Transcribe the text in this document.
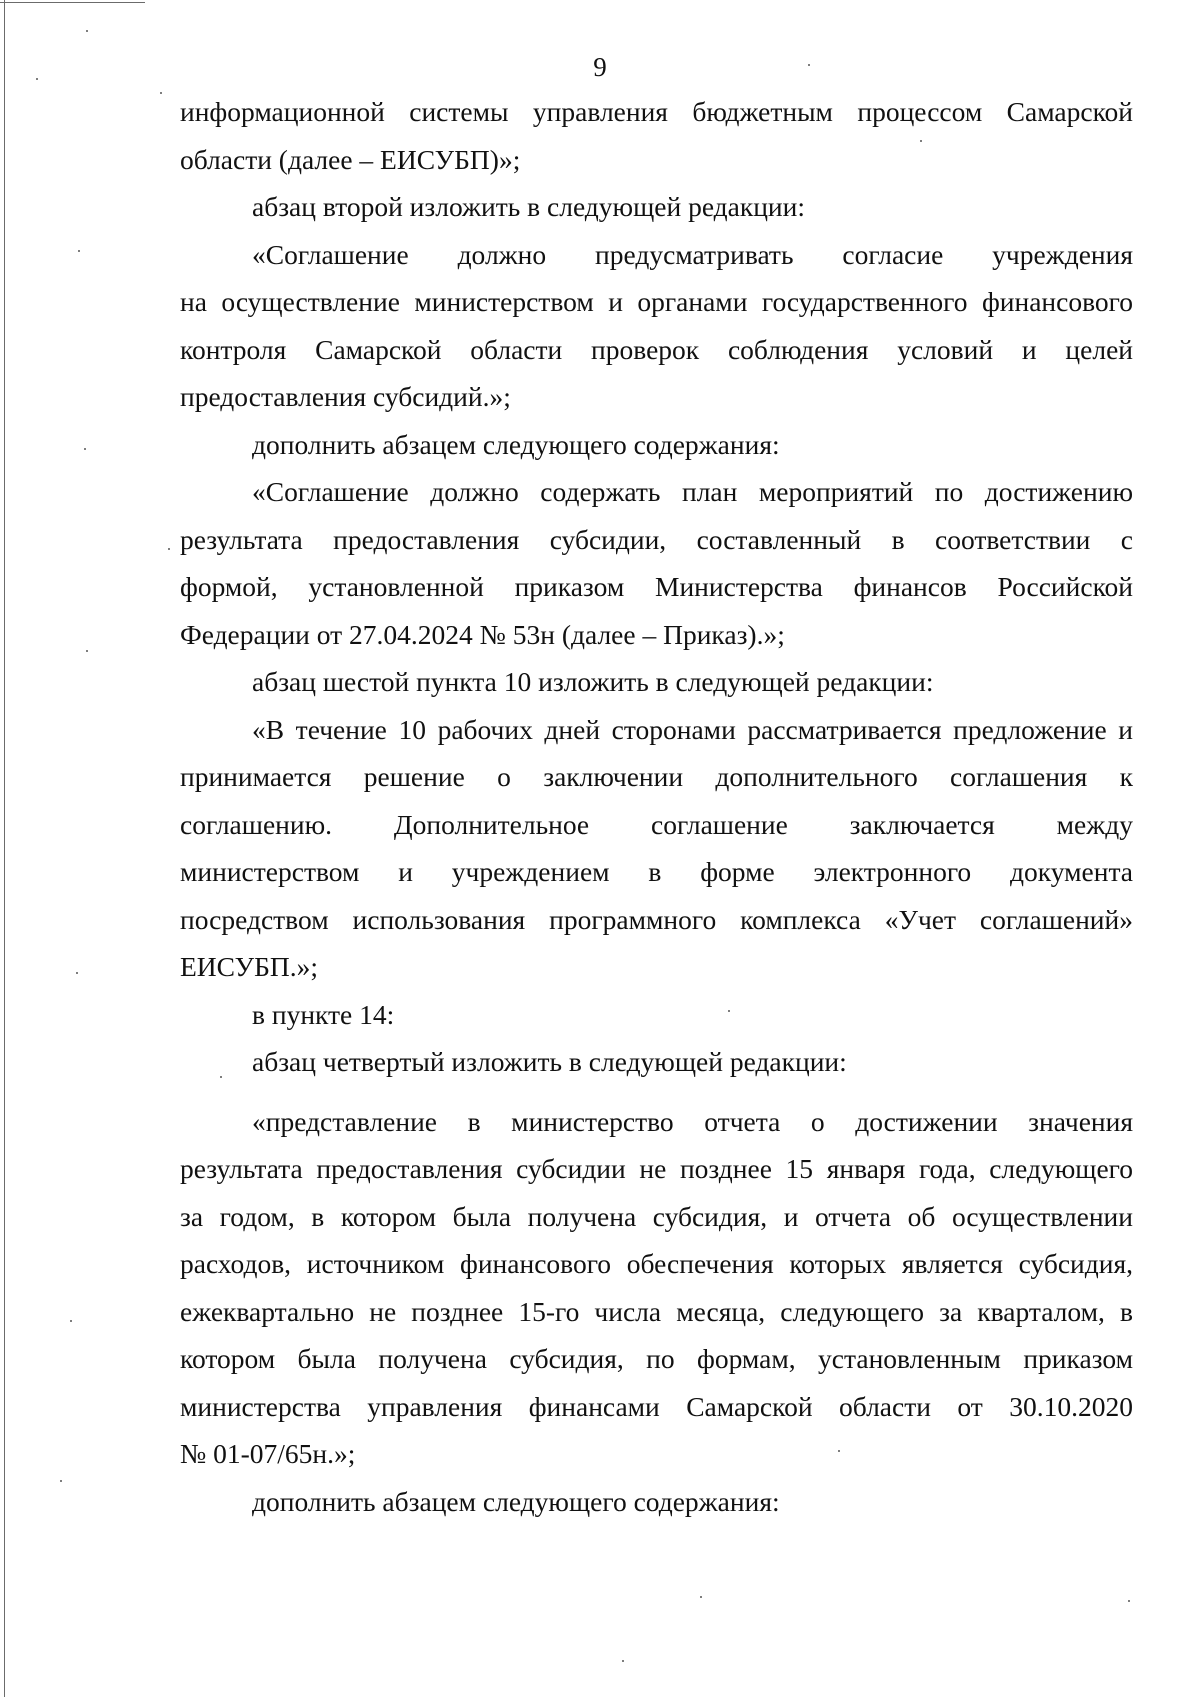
9
информационной системы управления бюджетным процессом Самарской
области (далее – ЕИСУБП)»;
абзац второй изложить в следующей редакции:
«Соглашение должно предусматривать согласие учреждения
на осуществление министерством и органами государственного финансового
контроля Самарской области проверок соблюдения условий и целей
предоставления субсидий.»;
дополнить абзацем следующего содержания:
«Соглашение должно содержать план мероприятий по достижению
результата предоставления субсидии, составленный в соответствии с
формой, установленной приказом Министерства финансов Российской
Федерации от 27.04.2024 № 53н (далее – Приказ).»;
абзац шестой пункта 10 изложить в следующей редакции:
«В течение 10 рабочих дней сторонами рассматривается предложение и
принимается решение о заключении дополнительного соглашения к
соглашению. Дополнительное соглашение заключается между
министерством и учреждением в форме электронного документа
посредством использования программного комплекса «Учет соглашений»
ЕИСУБП.»;
в пункте 14:
абзац четвертый изложить в следующей редакции:
«представление в министерство отчета о достижении значения
результата предоставления субсидии не позднее 15 января года, следующего
за годом, в котором была получена субсидия, и отчета об осуществлении
расходов, источником финансового обеспечения которых является субсидия,
ежеквартально не позднее 15-го числа месяца, следующего за кварталом, в
котором была получена субсидия, по формам, установленным приказом
министерства управления финансами Самарской области от 30.10.2020
№ 01-07/65н.»;
дополнить абзацем следующего содержания:
